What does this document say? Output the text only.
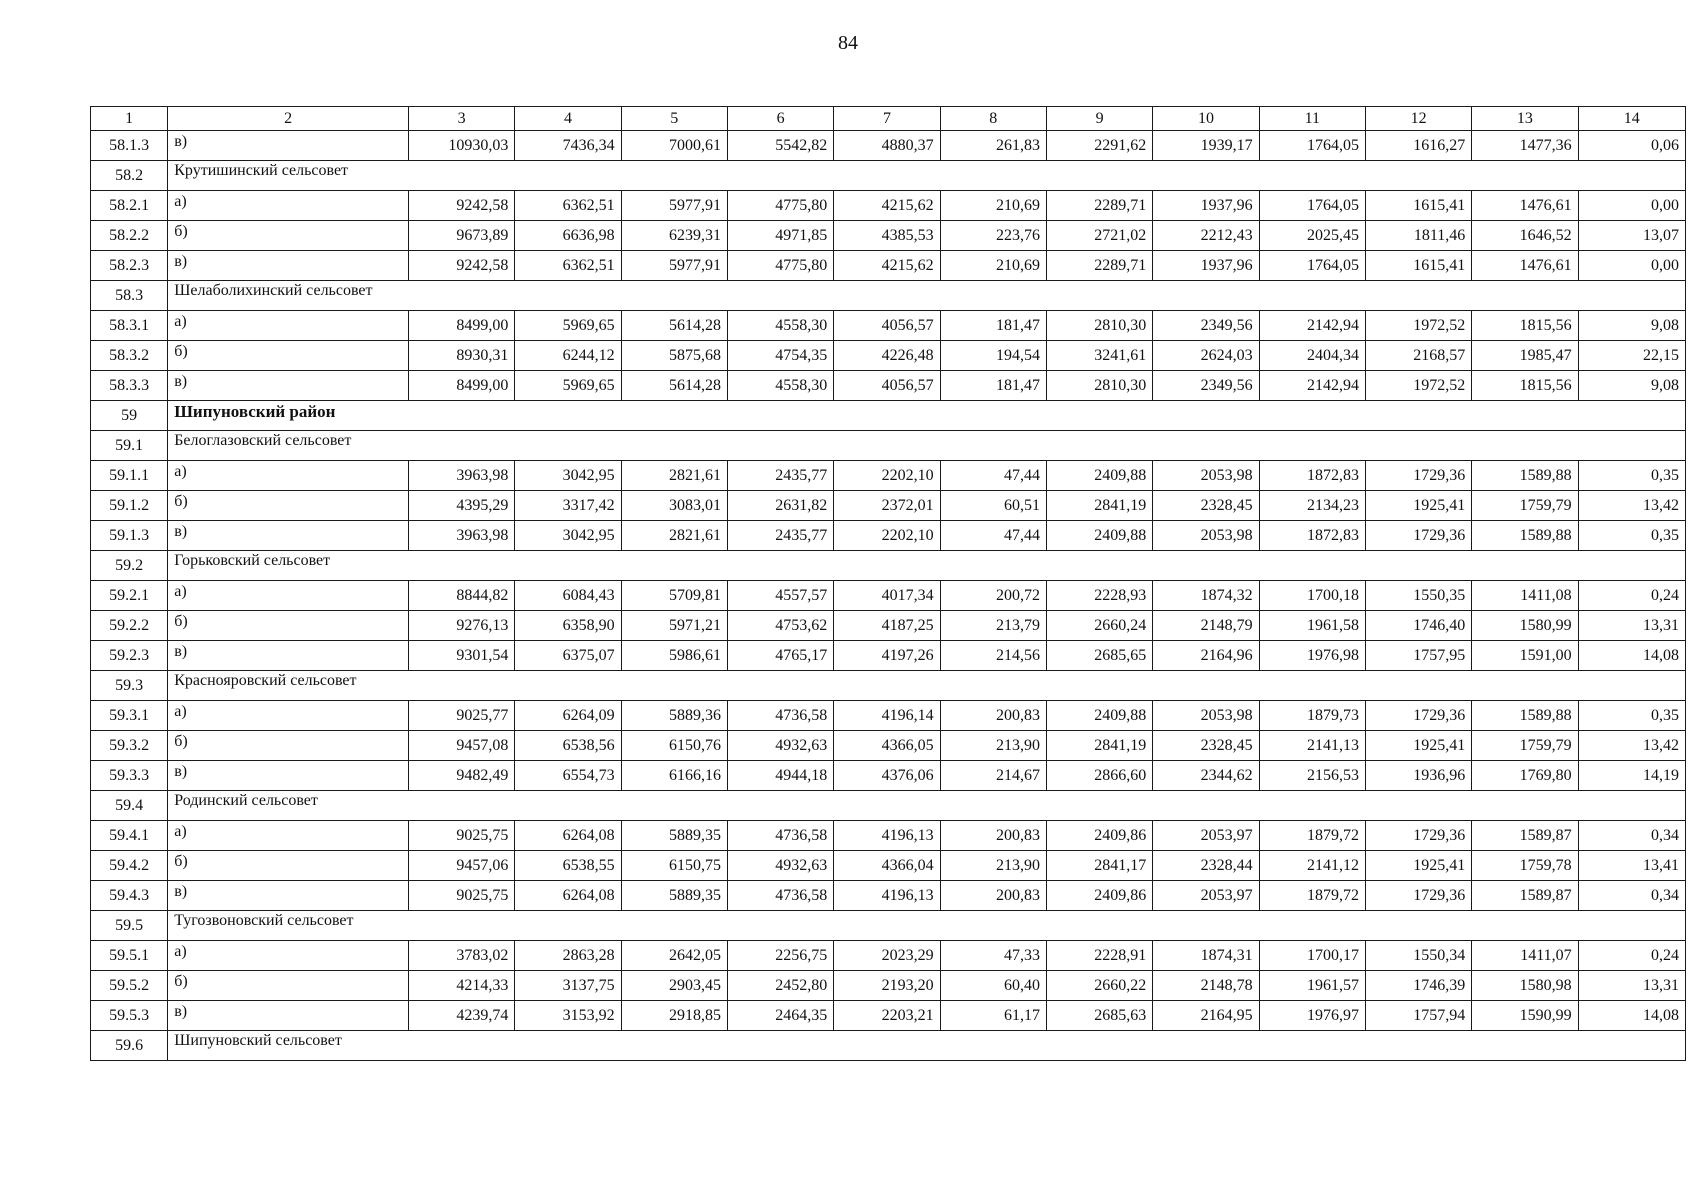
84
1	2	3	4	5	6	7	8	9	10	11	12	13	14
58.1.3	в)	10930,03	7436,34	7000,61	5542,82	4880,37	261,83	2291,62	1939,17	1764,05	1616,27	1477,36	0,06
58.2	Крутишинский сельсовет												
58.2.1	а)	9242,58	6362,51	5977,91	4775,80	4215,62	210,69	2289,71	1937,96	1764,05	1615,41	1476,61	0,00
58.2.2	б)	9673,89	6636,98	6239,31	4971,85	4385,53	223,76	2721,02	2212,43	2025,45	1811,46	1646,52	13,07
58.2.3	в)	9242,58	6362,51	5977,91	4775,80	4215,62	210,69	2289,71	1937,96	1764,05	1615,41	1476,61	0,00
58.3	Шелаболихинский сельсовет												
58.3.1	а)	8499,00	5969,65	5614,28	4558,30	4056,57	181,47	2810,30	2349,56	2142,94	1972,52	1815,56	9,08
58.3.2	б)	8930,31	6244,12	5875,68	4754,35	4226,48	194,54	3241,61	2624,03	2404,34	2168,57	1985,47	22,15
58.3.3	в)	8499,00	5969,65	5614,28	4558,30	4056,57	181,47	2810,30	2349,56	2142,94	1972,52	1815,56	9,08
59	Шипуновский район												
59.1	Белоглазовский сельсовет												
59.1.1	а)	3963,98	3042,95	2821,61	2435,77	2202,10	47,44	2409,88	2053,98	1872,83	1729,36	1589,88	0,35
59.1.2	б)	4395,29	3317,42	3083,01	2631,82	2372,01	60,51	2841,19	2328,45	2134,23	1925,41	1759,79	13,42
59.1.3	в)	3963,98	3042,95	2821,61	2435,77	2202,10	47,44	2409,88	2053,98	1872,83	1729,36	1589,88	0,35
59.2	Горьковский сельсовет												
59.2.1	а)	8844,82	6084,43	5709,81	4557,57	4017,34	200,72	2228,93	1874,32	1700,18	1550,35	1411,08	0,24
59.2.2	б)	9276,13	6358,90	5971,21	4753,62	4187,25	213,79	2660,24	2148,79	1961,58	1746,40	1580,99	13,31
59.2.3	в)	9301,54	6375,07	5986,61	4765,17	4197,26	214,56	2685,65	2164,96	1976,98	1757,95	1591,00	14,08
59.3	Краснояровский сельсовет												
59.3.1	а)	9025,77	6264,09	5889,36	4736,58	4196,14	200,83	2409,88	2053,98	1879,73	1729,36	1589,88	0,35
59.3.2	б)	9457,08	6538,56	6150,76	4932,63	4366,05	213,90	2841,19	2328,45	2141,13	1925,41	1759,79	13,42
59.3.3	в)	9482,49	6554,73	6166,16	4944,18	4376,06	214,67	2866,60	2344,62	2156,53	1936,96	1769,80	14,19
59.4	Родинский сельсовет												
59.4.1	а)	9025,75	6264,08	5889,35	4736,58	4196,13	200,83	2409,86	2053,97	1879,72	1729,36	1589,87	0,34
59.4.2	б)	9457,06	6538,55	6150,75	4932,63	4366,04	213,90	2841,17	2328,44	2141,12	1925,41	1759,78	13,41
59.4.3	в)	9025,75	6264,08	5889,35	4736,58	4196,13	200,83	2409,86	2053,97	1879,72	1729,36	1589,87	0,34
59.5	Тугозвоновский сельсовет												
59.5.1	а)	3783,02	2863,28	2642,05	2256,75	2023,29	47,33	2228,91	1874,31	1700,17	1550,34	1411,07	0,24
59.5.2	б)	4214,33	3137,75	2903,45	2452,80	2193,20	60,40	2660,22	2148,78	1961,57	1746,39	1580,98	13,31
59.5.3	в)	4239,74	3153,92	2918,85	2464,35	2203,21	61,17	2685,63	2164,95	1976,97	1757,94	1590,99	14,08
59.6	Шипуновский сельсовет												
